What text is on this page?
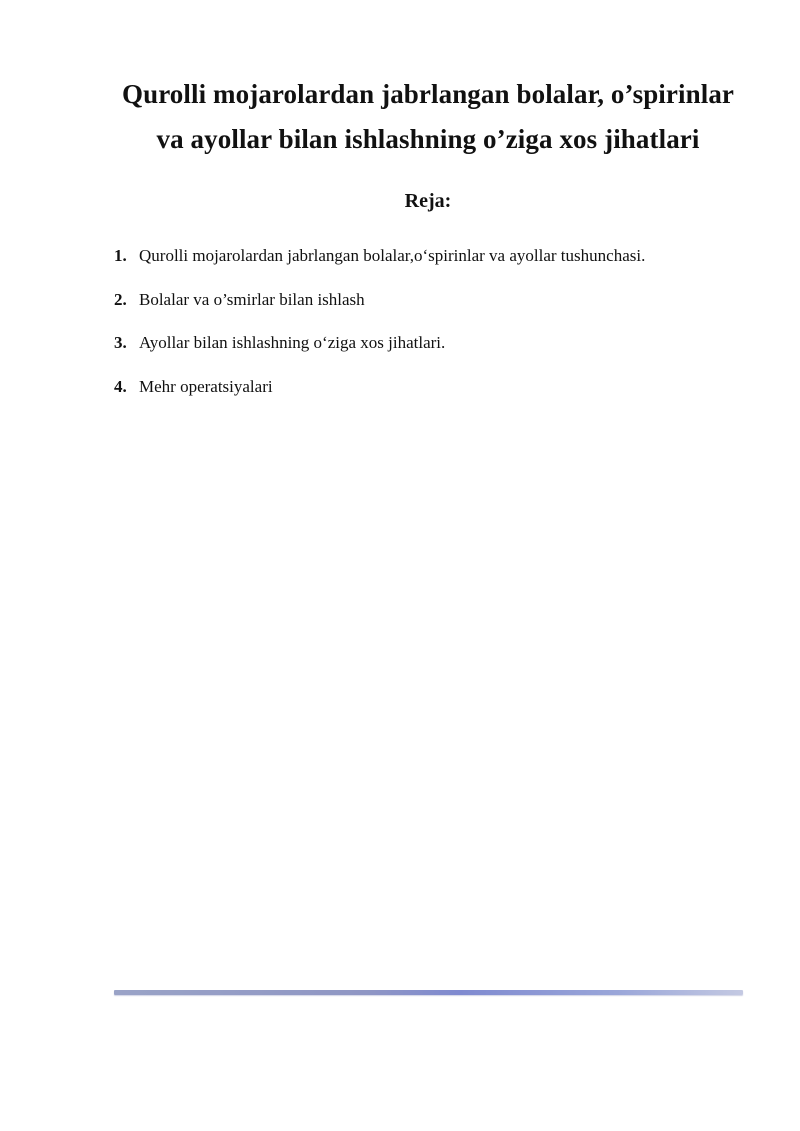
Qurolli mojarolardan jabrlangan bolalar, o’spirinlar
va ayollar bilan ishlashning o’ziga xos jihatlari
Reja:
1. Qurolli mojarolardan jabrlangan bolalar,o‘spirinlar va ayollar tushunchasi.
2. Bolalar va o’smirlar bilan ishlash
3. Ayollar bilan ishlashning o‘ziga xos jihatlari.
4. Mehr operatsiyalari
